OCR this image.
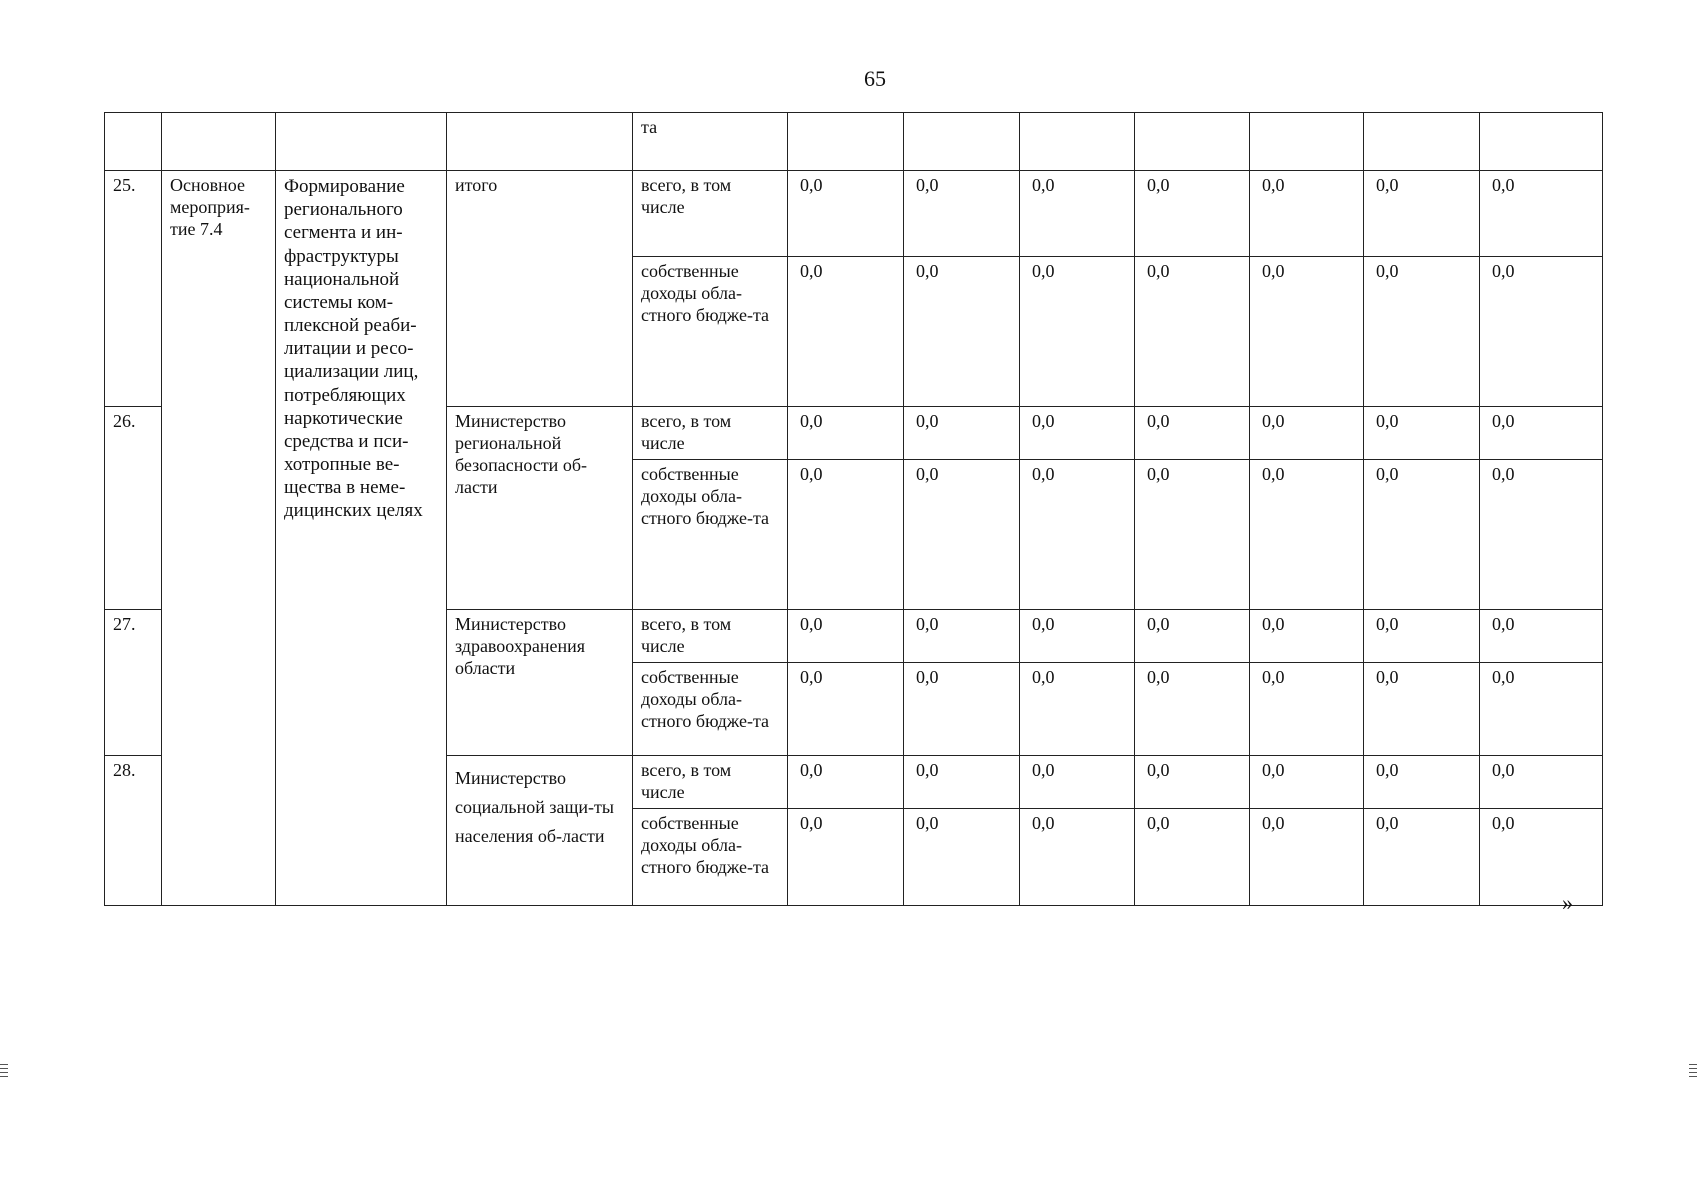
65
				та							
25.	Основное мероприя-тие 7.4	Формирование регионального сегмента и ин-фраструктуры национальной системы ком-плексной реаби-литации и ресо-циализации лиц, потребляющих наркотические средства и пси-хотропные ве-щества в неме-дицинских целях	итого	всего, в том числе	0,0	0,0	0,0	0,0	0,0	0,0	0,0
				собственные доходы обла-стного бюдже-та	0,0	0,0	0,0	0,0	0,0	0,0	0,0
26.			Министерство региональной безопасности об-ласти	всего, в том числе	0,0	0,0	0,0	0,0	0,0	0,0	0,0
				собственные доходы обла-стного бюдже-та	0,0	0,0	0,0	0,0	0,0	0,0	0,0
27.			Министерство здравоохранения области	всего, в том числе	0,0	0,0	0,0	0,0	0,0	0,0	0,0
				собственные доходы обла-стного бюдже-та	0,0	0,0	0,0	0,0	0,0	0,0	0,0
28.			Министерство социальной защи-ты населения об-ласти	всего, в том числе	0,0	0,0	0,0	0,0	0,0	0,0	0,0
				собственные доходы обла-стного бюдже-та	0,0	0,0	0,0	0,0	0,0	0,0	0,0
»
